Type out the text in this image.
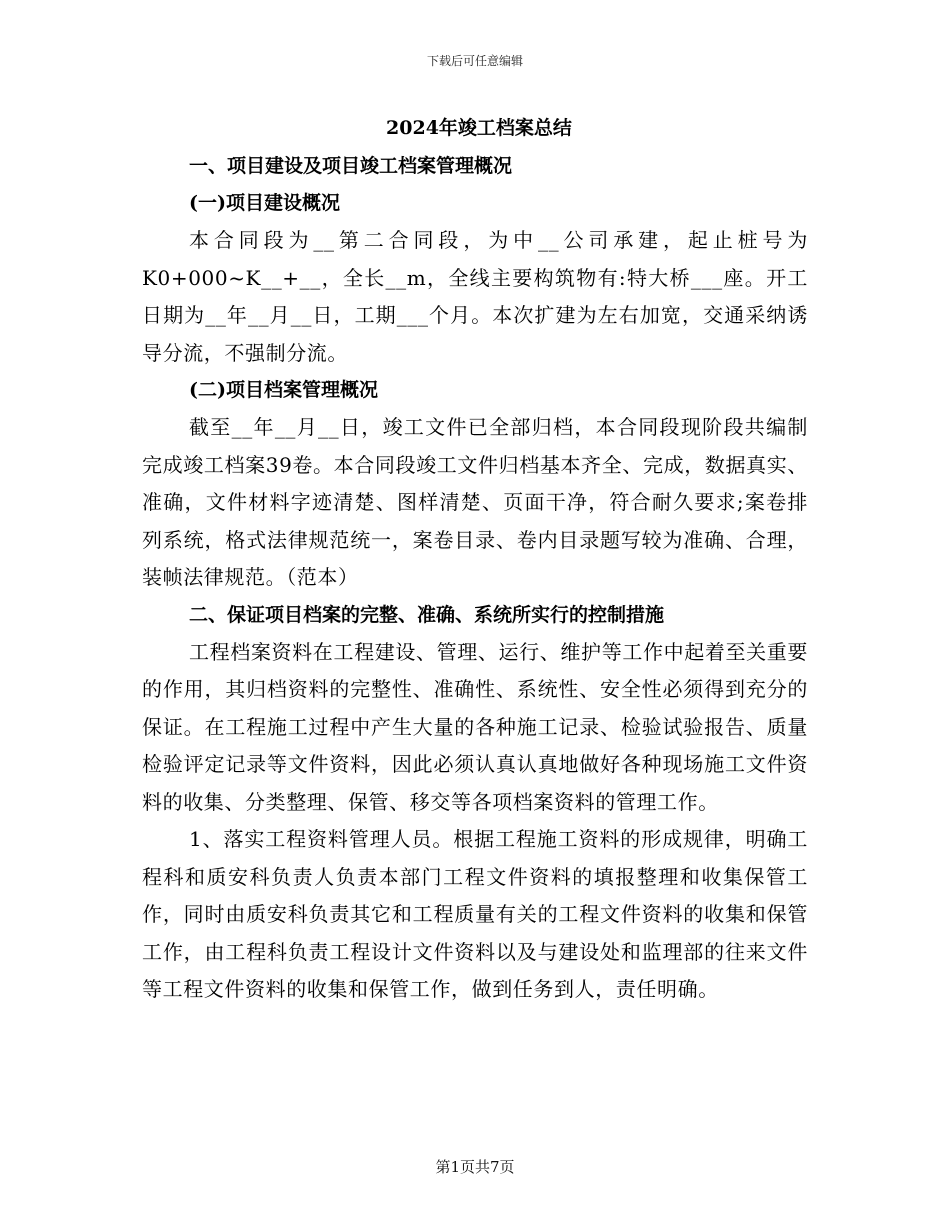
下载后可任意编辑
2024年竣工档案总结

一、项目建设及项目竣工档案管理概况

(一)项目建设概况

本合同段为__第二合同段，为中__公司承建，起止桩号为K0+000~K__+__，全长__m，全线主要构筑物有:特大桥___座。开工日期为__年__月__日，工期___个月。本次扩建为左右加宽，交通采纳诱导分流，不强制分流。

(二)项目档案管理概况

截至__年__月__日，竣工文件已全部归档，本合同段现阶段共编制完成竣工档案39卷。本合同段竣工文件归档基本齐全、完成，数据真实、准确，文件材料字迹清楚、图样清楚、页面干净，符合耐久要求;案卷排列系统，格式法律规范统一，案卷目录、卷内目录题写较为准确、合理，装帧法律规范。（范本）

二、保证项目档案的完整、准确、系统所实行的控制措施

工程档案资料在工程建设、管理、运行、维护等工作中起着至关重要的作用，其归档资料的完整性、准确性、系统性、安全性必须得到充分的保证。在工程施工过程中产生大量的各种施工记录、检验试验报告、质量检验评定记录等文件资料，因此必须认真认真地做好各种现场施工文件资料的收集、分类整理、保管、移交等各项档案资料的管理工作。

1、落实工程资料管理人员。根据工程施工资料的形成规律，明确工程科和质安科负责人负责本部门工程文件资料的填报整理和收集保管工作，同时由质安科负责其它和工程质量有关的工程文件资料的收集和保管工作，由工程科负责工程设计文件资料以及与建设处和监理部的往来文件等工程文件资料的收集和保管工作，做到任务到人，责任明确。

第1页共7页
